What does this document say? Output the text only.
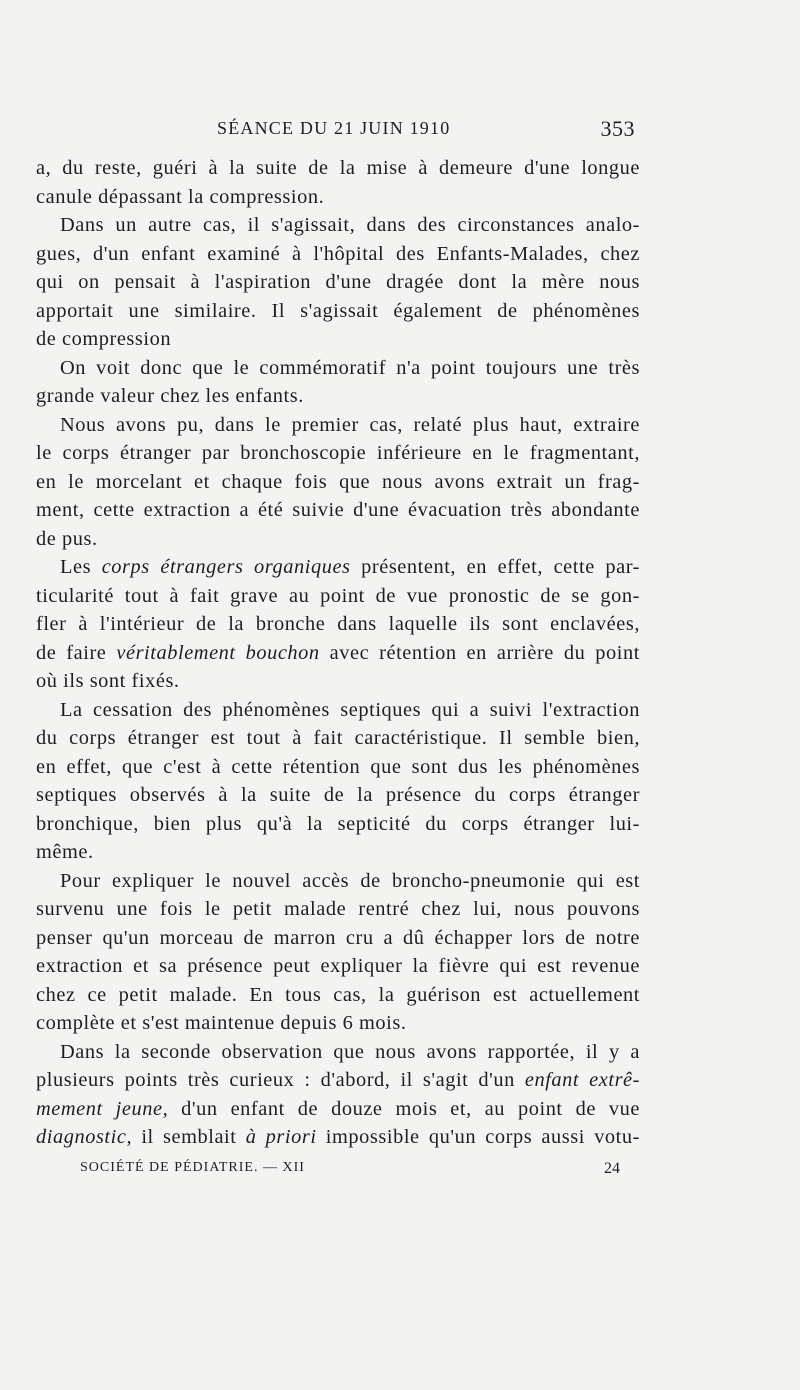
SÉANCE DU 21 JUIN 1910	353
a, du reste, guéri à la suite de la mise à demeure d'une longue
canule dépassant la compression.
Dans un autre cas, il s'agissait, dans des circonstances analo-
gues, d'un enfant examiné à l'hôpital des Enfants-Malades, chez
qui on pensait à l'aspiration d'une dragée dont la mère nous
apportait une similaire. Il s'agissait également de phénomènes
de compression
On voit donc que le commémoratif n'a point toujours une très
grande valeur chez les enfants.
Nous avons pu, dans le premier cas, relaté plus haut, extraire
le corps étranger par bronchoscopie inférieure en le fragmentant,
en le morcelant et chaque fois que nous avons extrait un frag-
ment, cette extraction a été suivie d'une évacuation très abondante
de pus.
Les corps étrangers organiques présentent, en effet, cette par-
ticularité tout à fait grave au point de vue pronostic de se gon-
fler à l'intérieur de la bronche dans laquelle ils sont enclavées,
de faire véritablement bouchon avec rétention en arrière du point
où ils sont fixés.
La cessation des phénomènes septiques qui a suivi l'extraction
du corps étranger est tout à fait caractéristique. Il semble bien,
en effet, que c'est à cette rétention que sont dus les phénomènes
septiques observés à la suite de la présence du corps étranger
bronchique, bien plus qu'à la septicité du corps étranger lui-
même.
Pour expliquer le nouvel accès de broncho-pneumonie qui est
survenu une fois le petit malade rentré chez lui, nous pouvons
penser qu'un morceau de marron cru a dû échapper lors de notre
extraction et sa présence peut expliquer la fièvre qui est revenue
chez ce petit malade. En tous cas, la guérison est actuellement
complète et s'est maintenue depuis 6 mois.
Dans la seconde observation que nous avons rapportée, il y a
plusieurs points très curieux : d'abord, il s'agit d'un enfant extrê-
mement jeune, d'un enfant de douze mois et, au point de vue
diagnostic, il semblait à priori impossible qu'un corps aussi votu-
SOCIÉTÉ DE PÉDIATRIE. — XII	24
